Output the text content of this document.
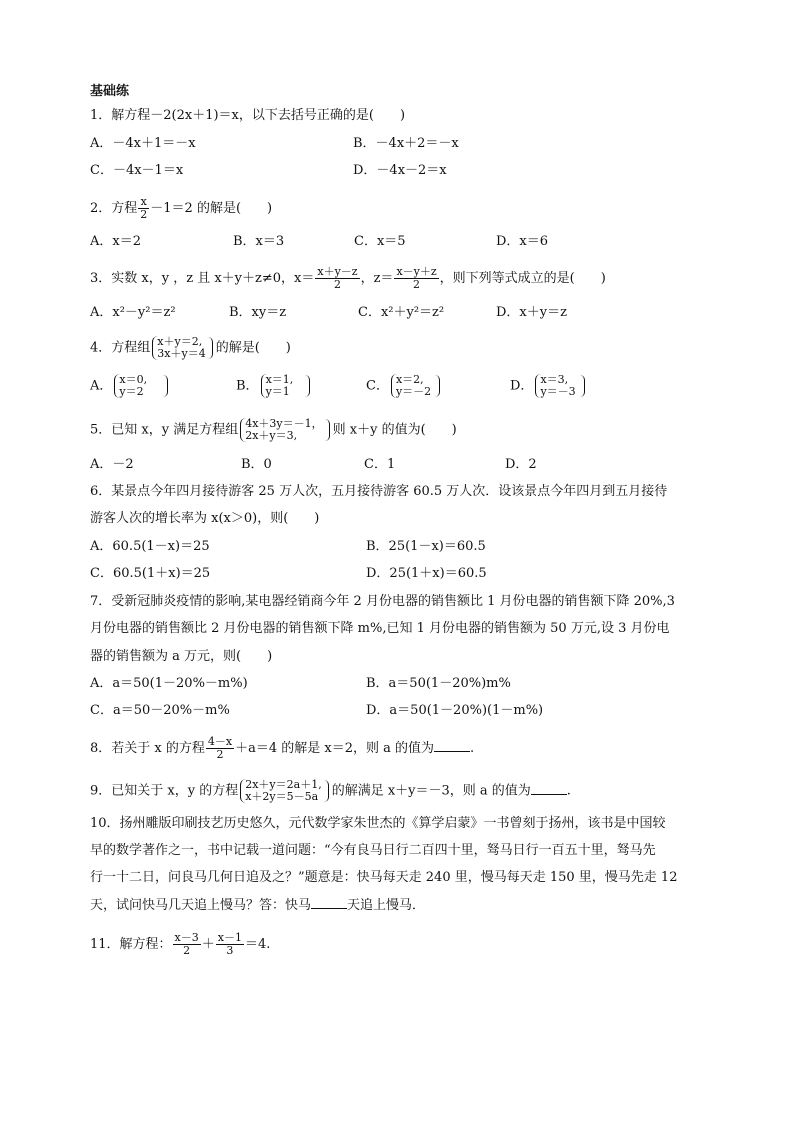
基础练
1．解方程－2(2x＋1)＝x，以下去括号正确的是(　　)
A．－4x＋1＝－x	B．－4x＋2＝－x
C．－4x－1＝x	D．－4x－2＝x
2．方程 $\frac{x}{2} -1=2$ 的解是(　　)
A．x＝2	B．x＝3	C．x＝5	D．x＝6
3．实数 x，y ，z 且 x＋y＋z≠0，$x= \frac{x+y-z}{2}$ ，$z= \frac{x-y+z}{2}$ ，则下列等式成立的是(　　)
A．x²－y²＝z²	B．xy＝z	C．x²＋y²＝z²	D．x＋y＝z
4．方程组 x＋y＝2,
3x＋y＝4 的解是(　　)
A． x＝0,
y＝2	B． x＝1,
y＝1	C． x＝2,
y＝－2	D． x＝3,
y＝－3
5．已知 x，y 满足方程组 4x＋3y＝－1，
2x＋y＝3,	则 x＋y 的值为(　　)
A．－2	B．0	C．1	D．2
6．某景点今年四月接待游客 25 万人次，五月接待游客 60.5 万人次．设该景点今年四月到五月接待
游客人次的增长率为 x(x＞0)，则(　　)
A．60.5(1－x)＝25	B．25(1－x)＝60.5
C．60.5(1＋x)＝25	D．25(1＋x)＝60.5
7．受新冠肺炎疫情的影响,某电器经销商今年 2 月份电器的销售额比 1 月份电器的销售额下降 20%,3
月份电器的销售额比 2 月份电器的销售额下降 m%,已知 1 月份电器的销售额为 50 万元,设 3 月份电
器的销售额为 a 万元，则(　　)
A．a＝50(1－20%－m%)	B．a＝50(1－20%)m%
C．a＝50－20%－m%	D．a＝50(1－20%)(1－m%)
8．若关于 x 的方程 $\frac{4-x}{2} +a=4$ 的解是 x＝2，则 a 的值为	.
9．已知关于 x，y 的方程 2x＋y＝2a＋1,
x＋2y＝5－5a 的解满足 x＋y＝－3，则 a 的值为	.
10．扬州雕版印刷技艺历史悠久，元代数学家朱世杰的《算学启蒙》一书曾刻于扬州，该书是中国较
早的数学著作之一，书中记载一道问题：“今有良马日行二百四十里，驽马日行一百五十里，驽马先
行一十二日，问良马几何日追及之？”题意是：快马每天走 240 里，慢马每天走 150 里，慢马先走 12
天，试问快马几天追上慢马？答：快马	天追上慢马．
11．解方程： $\frac{x-3}{2} + \frac{x-1}{3} =4$.
